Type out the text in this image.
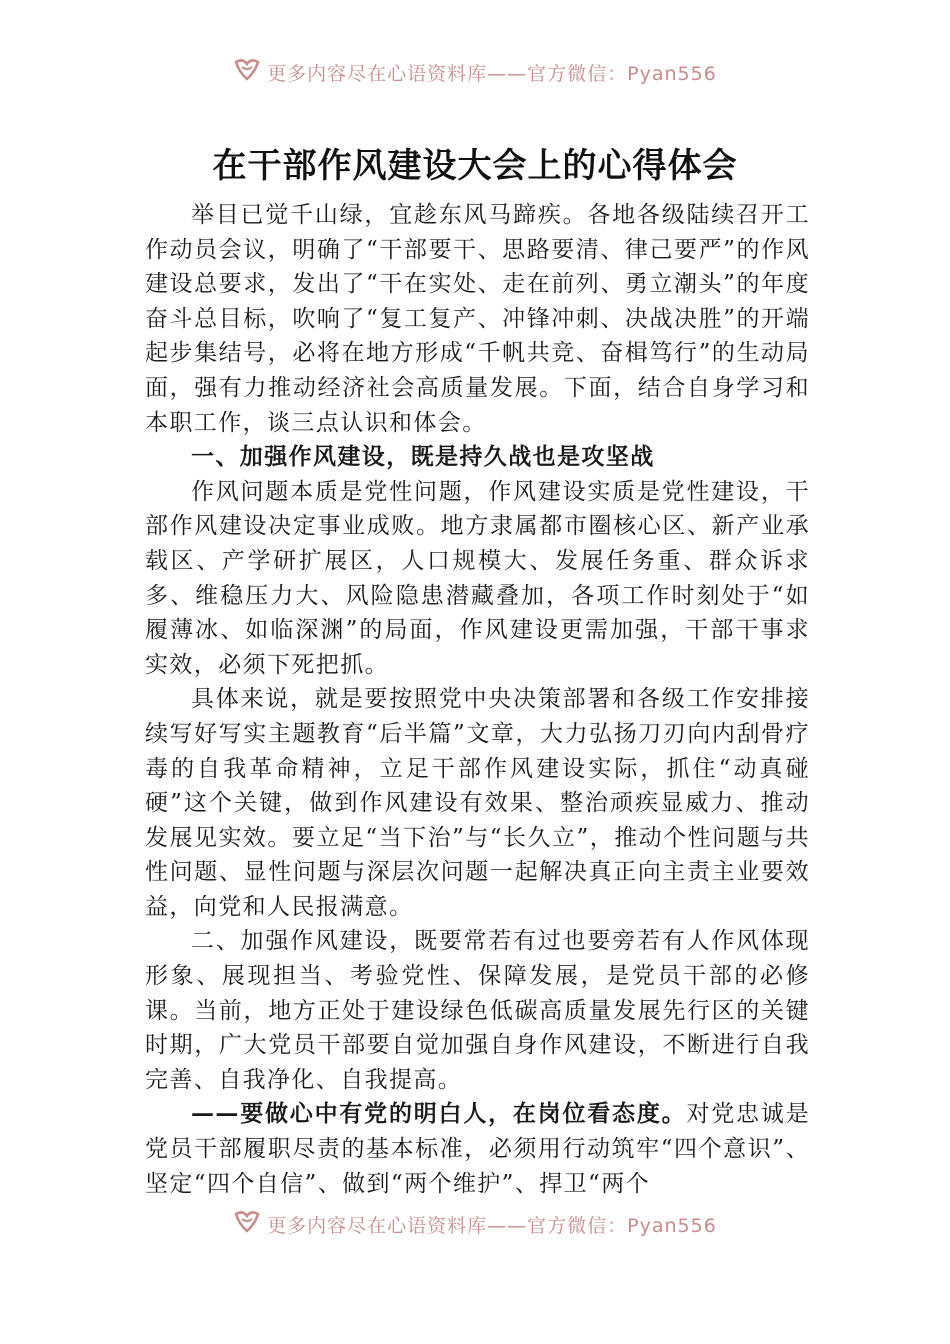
更多内容尽在心语资料库——官方微信：Pyan556
在干部作风建设大会上的心得体会

举目已觉千山绿，宜趁东风马蹄疾。各地各级陆续召开工作动员会议，明确了“干部要干、思路要清、律己要严”的作风建设总要求，发出了“干在实处、走在前列、勇立潮头”的年度奋斗总目标，吹响了“复工复产、冲锋冲刺、决战决胜”的开端起步集结号，必将在地方形成“千帆共竞、奋楫笃行”的生动局面，强有力推动经济社会高质量发展。下面，结合自身学习和本职工作，谈三点认识和体会。

一、加强作风建设，既是持久战也是攻坚战

作风问题本质是党性问题，作风建设实质是党性建设，干部作风建设决定事业成败。地方隶属都市圈核心区、新产业承载区、产学研扩展区，人口规模大、发展任务重、群众诉求多、维稳压力大、风险隐患潜藏叠加，各项工作时刻处于“如履薄冰、如临深渊”的局面，作风建设更需加强，干部干事求实效，必须下死把抓。

具体来说，就是要按照党中央决策部署和各级工作安排接续写好写实主题教育“后半篇”文章，大力弘扬刀刃向内刮骨疗毒的自我革命精神，立足干部作风建设实际，抓住“动真碰硬”这个关键，做到作风建设有效果、整治顽疾显威力、推动发展见实效。要立足“当下治”与“长久立”，推动个性问题与共性问题、显性问题与深层次问题一起解决真正向主责主业要效益，向党和人民报满意。

二、加强作风建设，既要常若有过也要旁若有人作风体现形象、展现担当、考验党性、保障发展，是党员干部的必修课。当前，地方正处于建设绿色低碳高质量发展先行区的关键时期，广大党员干部要自觉加强自身作风建设，不断进行自我完善、自我净化、自我提高。

——要做心中有党的明白人，在岗位看态度。对党忠诚是党员干部履职尽责的基本标准，必须用行动筑牢“四个意识”、坚定“四个自信”、做到“两个维护”、捍卫“两个

更多内容尽在心语资料库——官方微信：Pyan556
